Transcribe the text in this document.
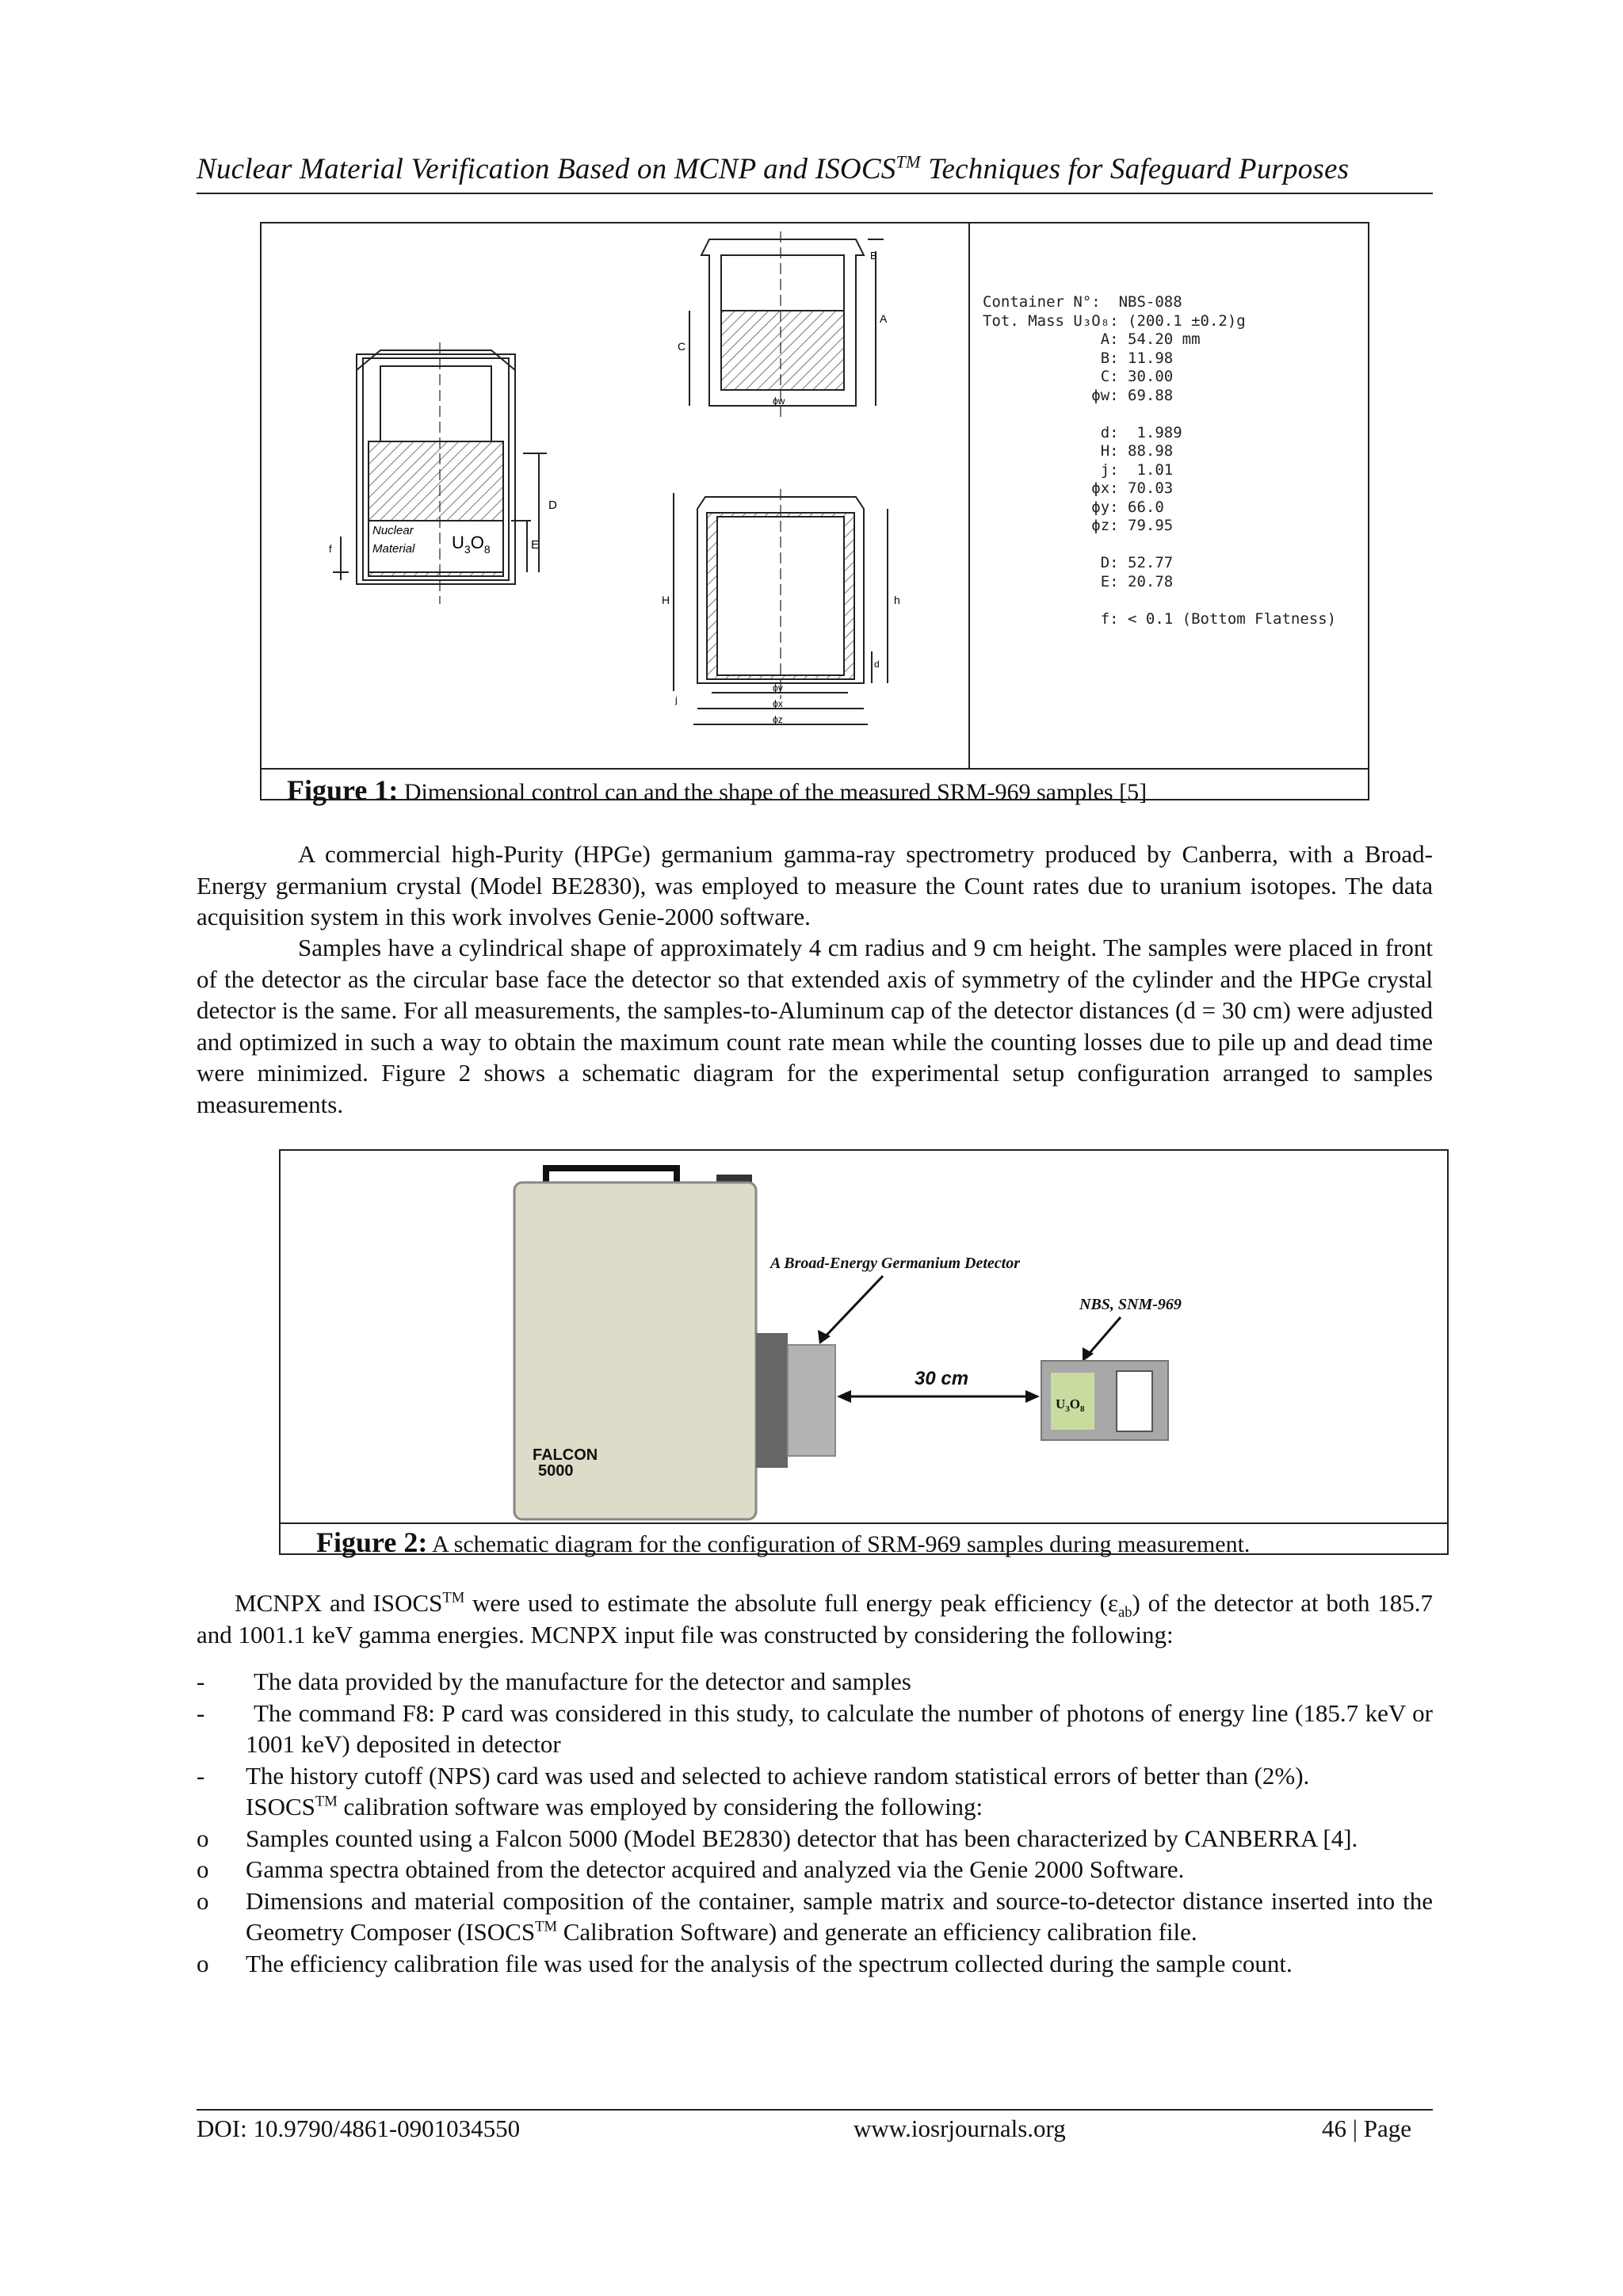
Nuclear Material Verification Based on MCNP and ISOCS™ Techniques for Safeguard Purposes
Nuclear
Material $U_3O_8$
D
E
f
C
A
B
ϕw
H	h
d
j
ϕy
ϕx
ϕz
Container N°:  NBS-088
Tot. Mass U₃O₈: (200.1 ±0.2)g
A: 54.20 mm
B: 11.98
C: 30.00
ϕw: 69.88

d:  1.989
H: 88.98
j:  1.01
ϕx: 70.03
ϕy: 66.0
ϕz: 79.95

D: 52.77
E: 20.78

f: < 0.1 (Bottom Flatness)
Figure 1: Dimensional control can and the shape of the measured SRM-969 samples [5]
A commercial high-Purity (HPGe) germanium gamma-ray spectrometry produced by Canberra, with a Broad-Energy germanium crystal (Model BE2830), was employed to measure the Count rates due to uranium isotopes. The data acquisition system in this work involves Genie-2000 software.
Samples have a cylindrical shape of approximately 4 cm radius and 9 cm height. The samples were placed in front of the detector as the circular base face the detector so that extended axis of symmetry of the cylinder and the HPGe crystal detector is the same. For all measurements, the samples-to-Aluminum cap of the detector distances (d = 30 cm) were adjusted and optimized in such a way to obtain the maximum count rate mean while the counting losses due to pile up and dead time were minimized. Figure 2 shows a schematic diagram for the experimental setup configuration arranged to samples measurements.
FALCON
5000
A Broad-Energy Germanium Detector
30 cm
NBS, SNM-969
$U_3O_8$
Figure 2: A schematic diagram for the configuration of SRM-969 samples during measurement.
MCNPX and ISOCS™ were used to estimate the absolute full energy peak efficiency $(\varepsilon_{ab})$ of the detector at both 185.7 and 1001.1 keV gamma energies. MCNPX input file was constructed by considering the following:
- The data provided by the manufacture for the detector and samples
- The command F8: P card was considered in this study, to calculate the number of photons of energy line (185.7 keV or 1001 keV) deposited in detector
- The history cutoff (NPS) card was used and selected to achieve random statistical errors of better than (2%).
ISOCS™ calibration software was employed by considering the following:
o Samples counted using a Falcon 5000 (Model BE2830) detector that has been characterized by CANBERRA [4].
o Gamma spectra obtained from the detector acquired and analyzed via the Genie 2000 Software.
o Dimensions and material composition of the container, sample matrix and source-to-detector distance inserted into the Geometry Composer (ISOCS™ Calibration Software) and generate an efficiency calibration file.
o The efficiency calibration file was used for the analysis of the spectrum collected during the sample count.
DOI: 10.9790/4861-0901034550	www.iosrjournals.org	46 | Page
